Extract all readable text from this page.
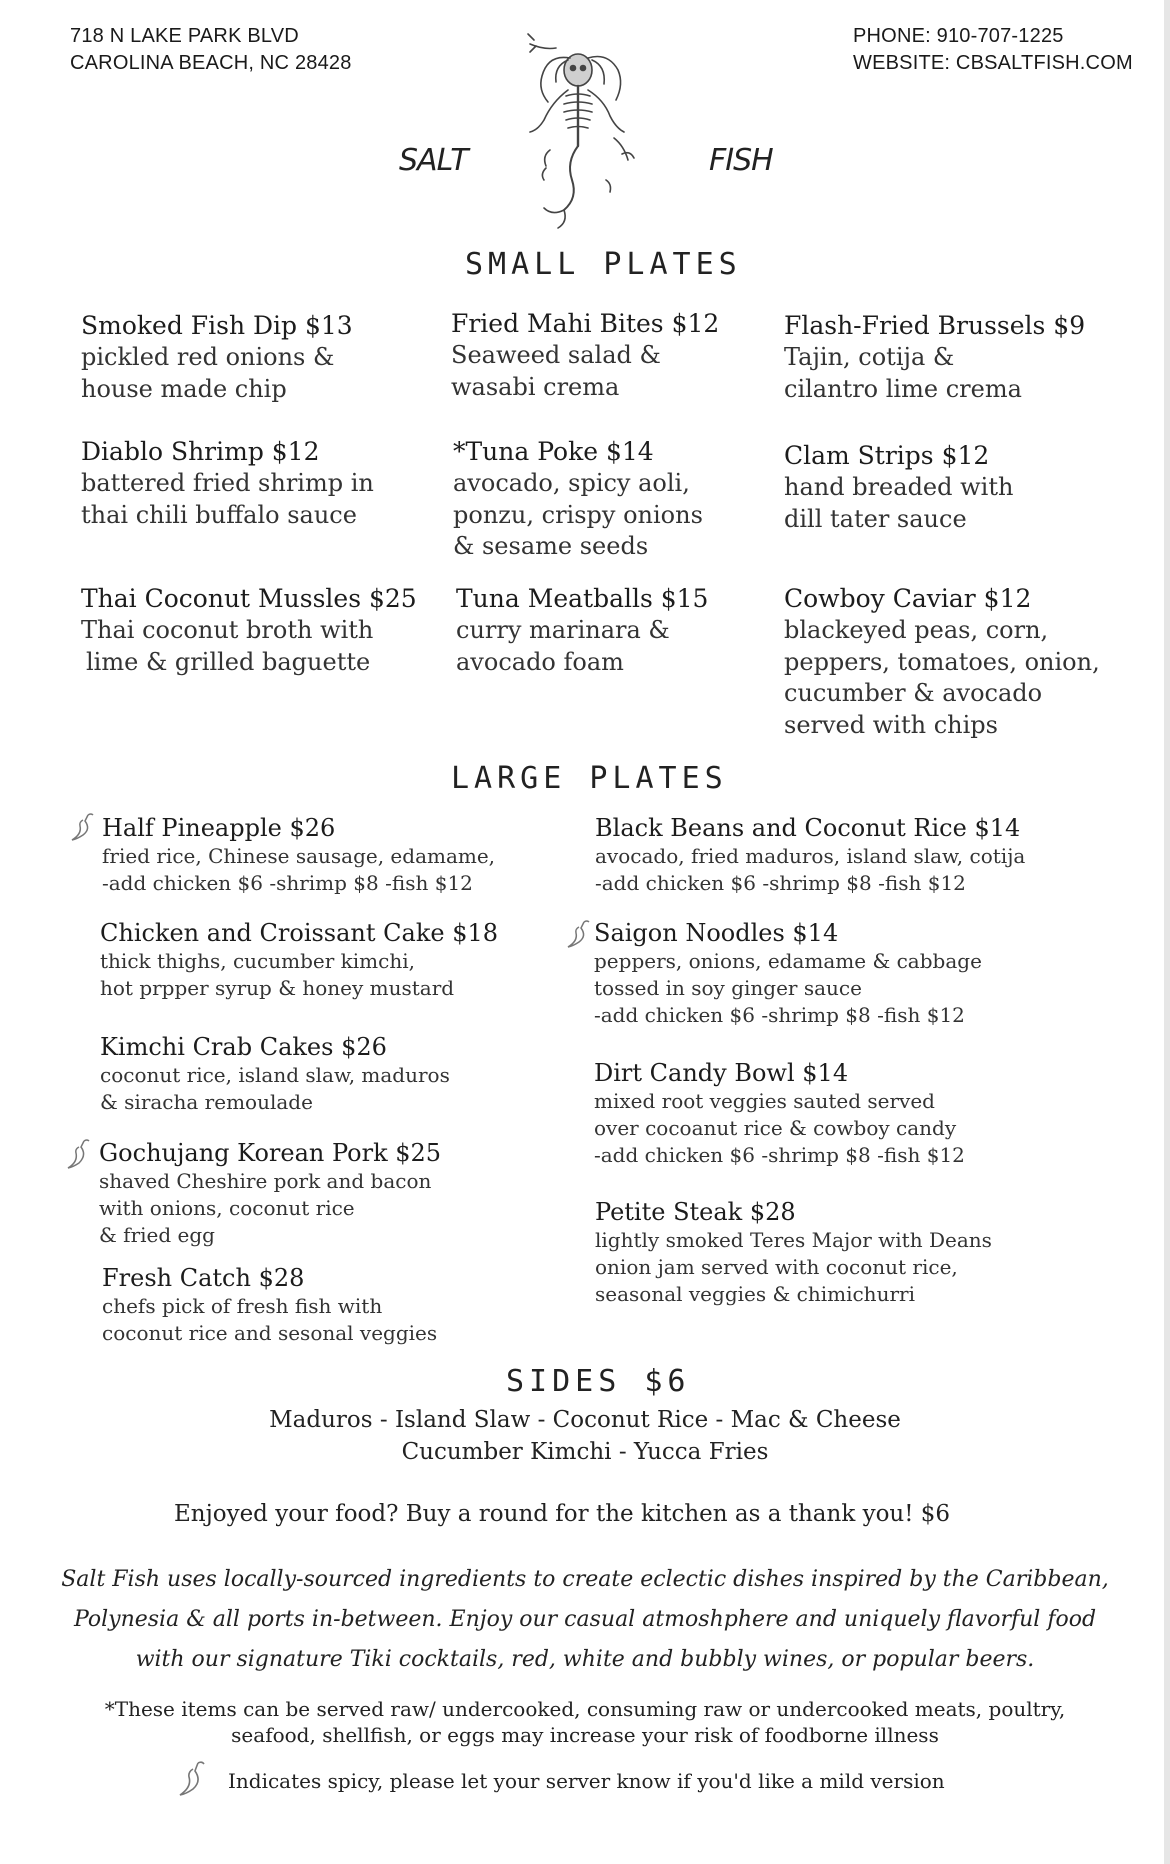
718 N LAKE PARK BLVD
CAROLINA BEACH, NC 28428
PHONE: 910-707-1225
WEBSITE: CBSALTFISH.COM
SALT	FISH
SMALL PLATES
Smoked Fish Dip $13
pickled red onions &
house made chip
Fried Mahi Bites $12
Seaweed salad &
wasabi crema
Flash-Fried Brussels $9
Tajin, cotija &
cilantro lime crema
Diablo Shrimp $12
battered fried shrimp in
thai chili buffalo sauce
*Tuna Poke $14
avocado, spicy aoli,
ponzu, crispy onions
& sesame seeds
Clam Strips $12
hand breaded with
dill tater sauce
Thai Coconut Mussles $25
Thai coconut broth with
lime & grilled baguette
Tuna Meatballs $15
curry marinara &
avocado foam
Cowboy Caviar $12
blackeyed peas, corn,
peppers, tomatoes, onion,
cucumber & avocado
served with chips
LARGE PLATES
Half Pineapple $26
fried rice, Chinese sausage, edamame,
-add chicken $6 -shrimp $8 -fish $12
Chicken and Croissant Cake $18
thick thighs, cucumber kimchi,
hot prpper syrup & honey mustard
Kimchi Crab Cakes $26
coconut rice, island slaw, maduros
& siracha remoulade
Gochujang Korean Pork $25
shaved Cheshire pork and bacon
with onions, coconut rice
& fried egg
Fresh Catch $28
chefs pick of fresh fish with
coconut rice and sesonal veggies
Black Beans and Coconut Rice $14
avocado, fried maduros, island slaw, cotija
-add chicken $6 -shrimp $8 -fish $12
Saigon Noodles $14
peppers, onions, edamame & cabbage
tossed in soy ginger sauce
-add chicken $6 -shrimp $8 -fish $12
Dirt Candy Bowl $14
mixed root veggies sauted served
over cocoanut rice & cowboy candy
-add chicken $6 -shrimp $8 -fish $12
Petite Steak $28
lightly smoked Teres Major with Deans
onion jam served with coconut rice,
seasonal veggies & chimichurri
SIDES $6
Maduros - Island Slaw - Coconut Rice - Mac & Cheese
Cucumber Kimchi - Yucca Fries
Enjoyed your food? Buy a round for the kitchen as a thank you! $6
Salt Fish uses locally-sourced ingredients to create eclectic dishes inspired by the Caribbean,
Polynesia & all ports in-between. Enjoy our casual atmoshphere and uniquely flavorful food
with our signature Tiki cocktails, red, white and bubbly wines, or popular beers.
*These items can be served raw/ undercooked, consuming raw or undercooked meats, poultry,
seafood, shellfish, or eggs may increase your risk of foodborne illness
Indicates spicy, please let your server know if you'd like a mild version
